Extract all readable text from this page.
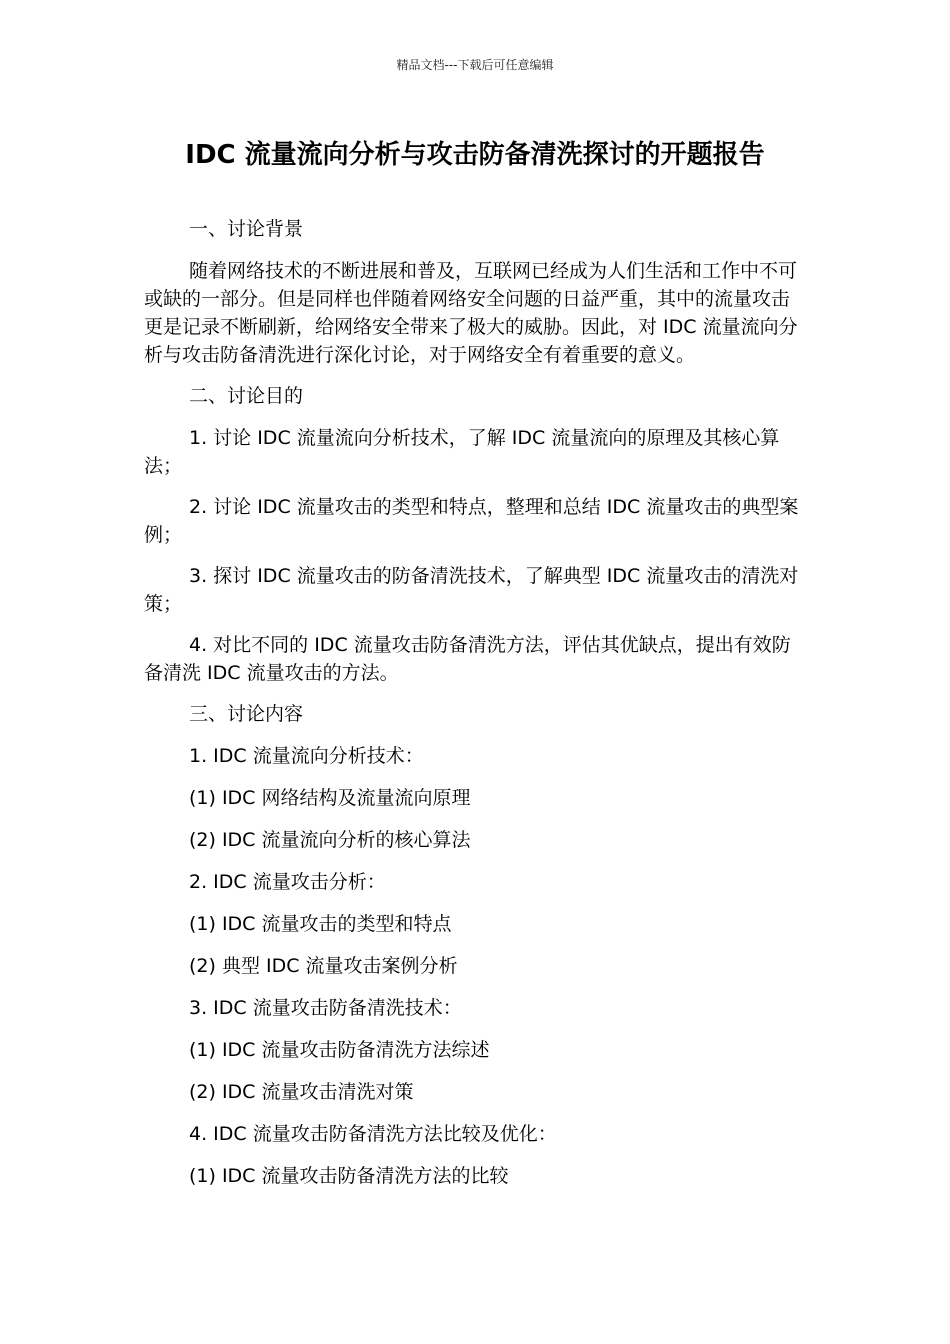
精品文档---下载后可任意编辑
IDC 流量流向分析与攻击防备清洗探讨的开题报告

一、讨论背景

随着网络技术的不断进展和普及，互联网已经成为人们生活和工作中不可或缺的一部分。但是同样也伴随着网络安全问题的日益严重，其中的流量攻击更是记录不断刷新，给网络安全带来了极大的威胁。因此，对 IDC 流量流向分析与攻击防备清洗进行深化讨论，对于网络安全有着重要的意义。

二、讨论目的

1. 讨论 IDC 流量流向分析技术，了解 IDC 流量流向的原理及其核心算法；

2. 讨论 IDC 流量攻击的类型和特点，整理和总结 IDC 流量攻击的典型案例；

3. 探讨 IDC 流量攻击的防备清洗技术，了解典型 IDC 流量攻击的清洗对策；

4. 对比不同的 IDC 流量攻击防备清洗方法，评估其优缺点，提出有效防备清洗 IDC 流量攻击的方法。

三、讨论内容

1. IDC 流量流向分析技术：

(1) IDC 网络结构及流量流向原理

(2) IDC 流量流向分析的核心算法

2. IDC 流量攻击分析：

(1) IDC 流量攻击的类型和特点

(2) 典型 IDC 流量攻击案例分析

3. IDC 流量攻击防备清洗技术：

(1) IDC 流量攻击防备清洗方法综述

(2) IDC 流量攻击清洗对策

4. IDC 流量攻击防备清洗方法比较及优化：

(1) IDC 流量攻击防备清洗方法的比较
